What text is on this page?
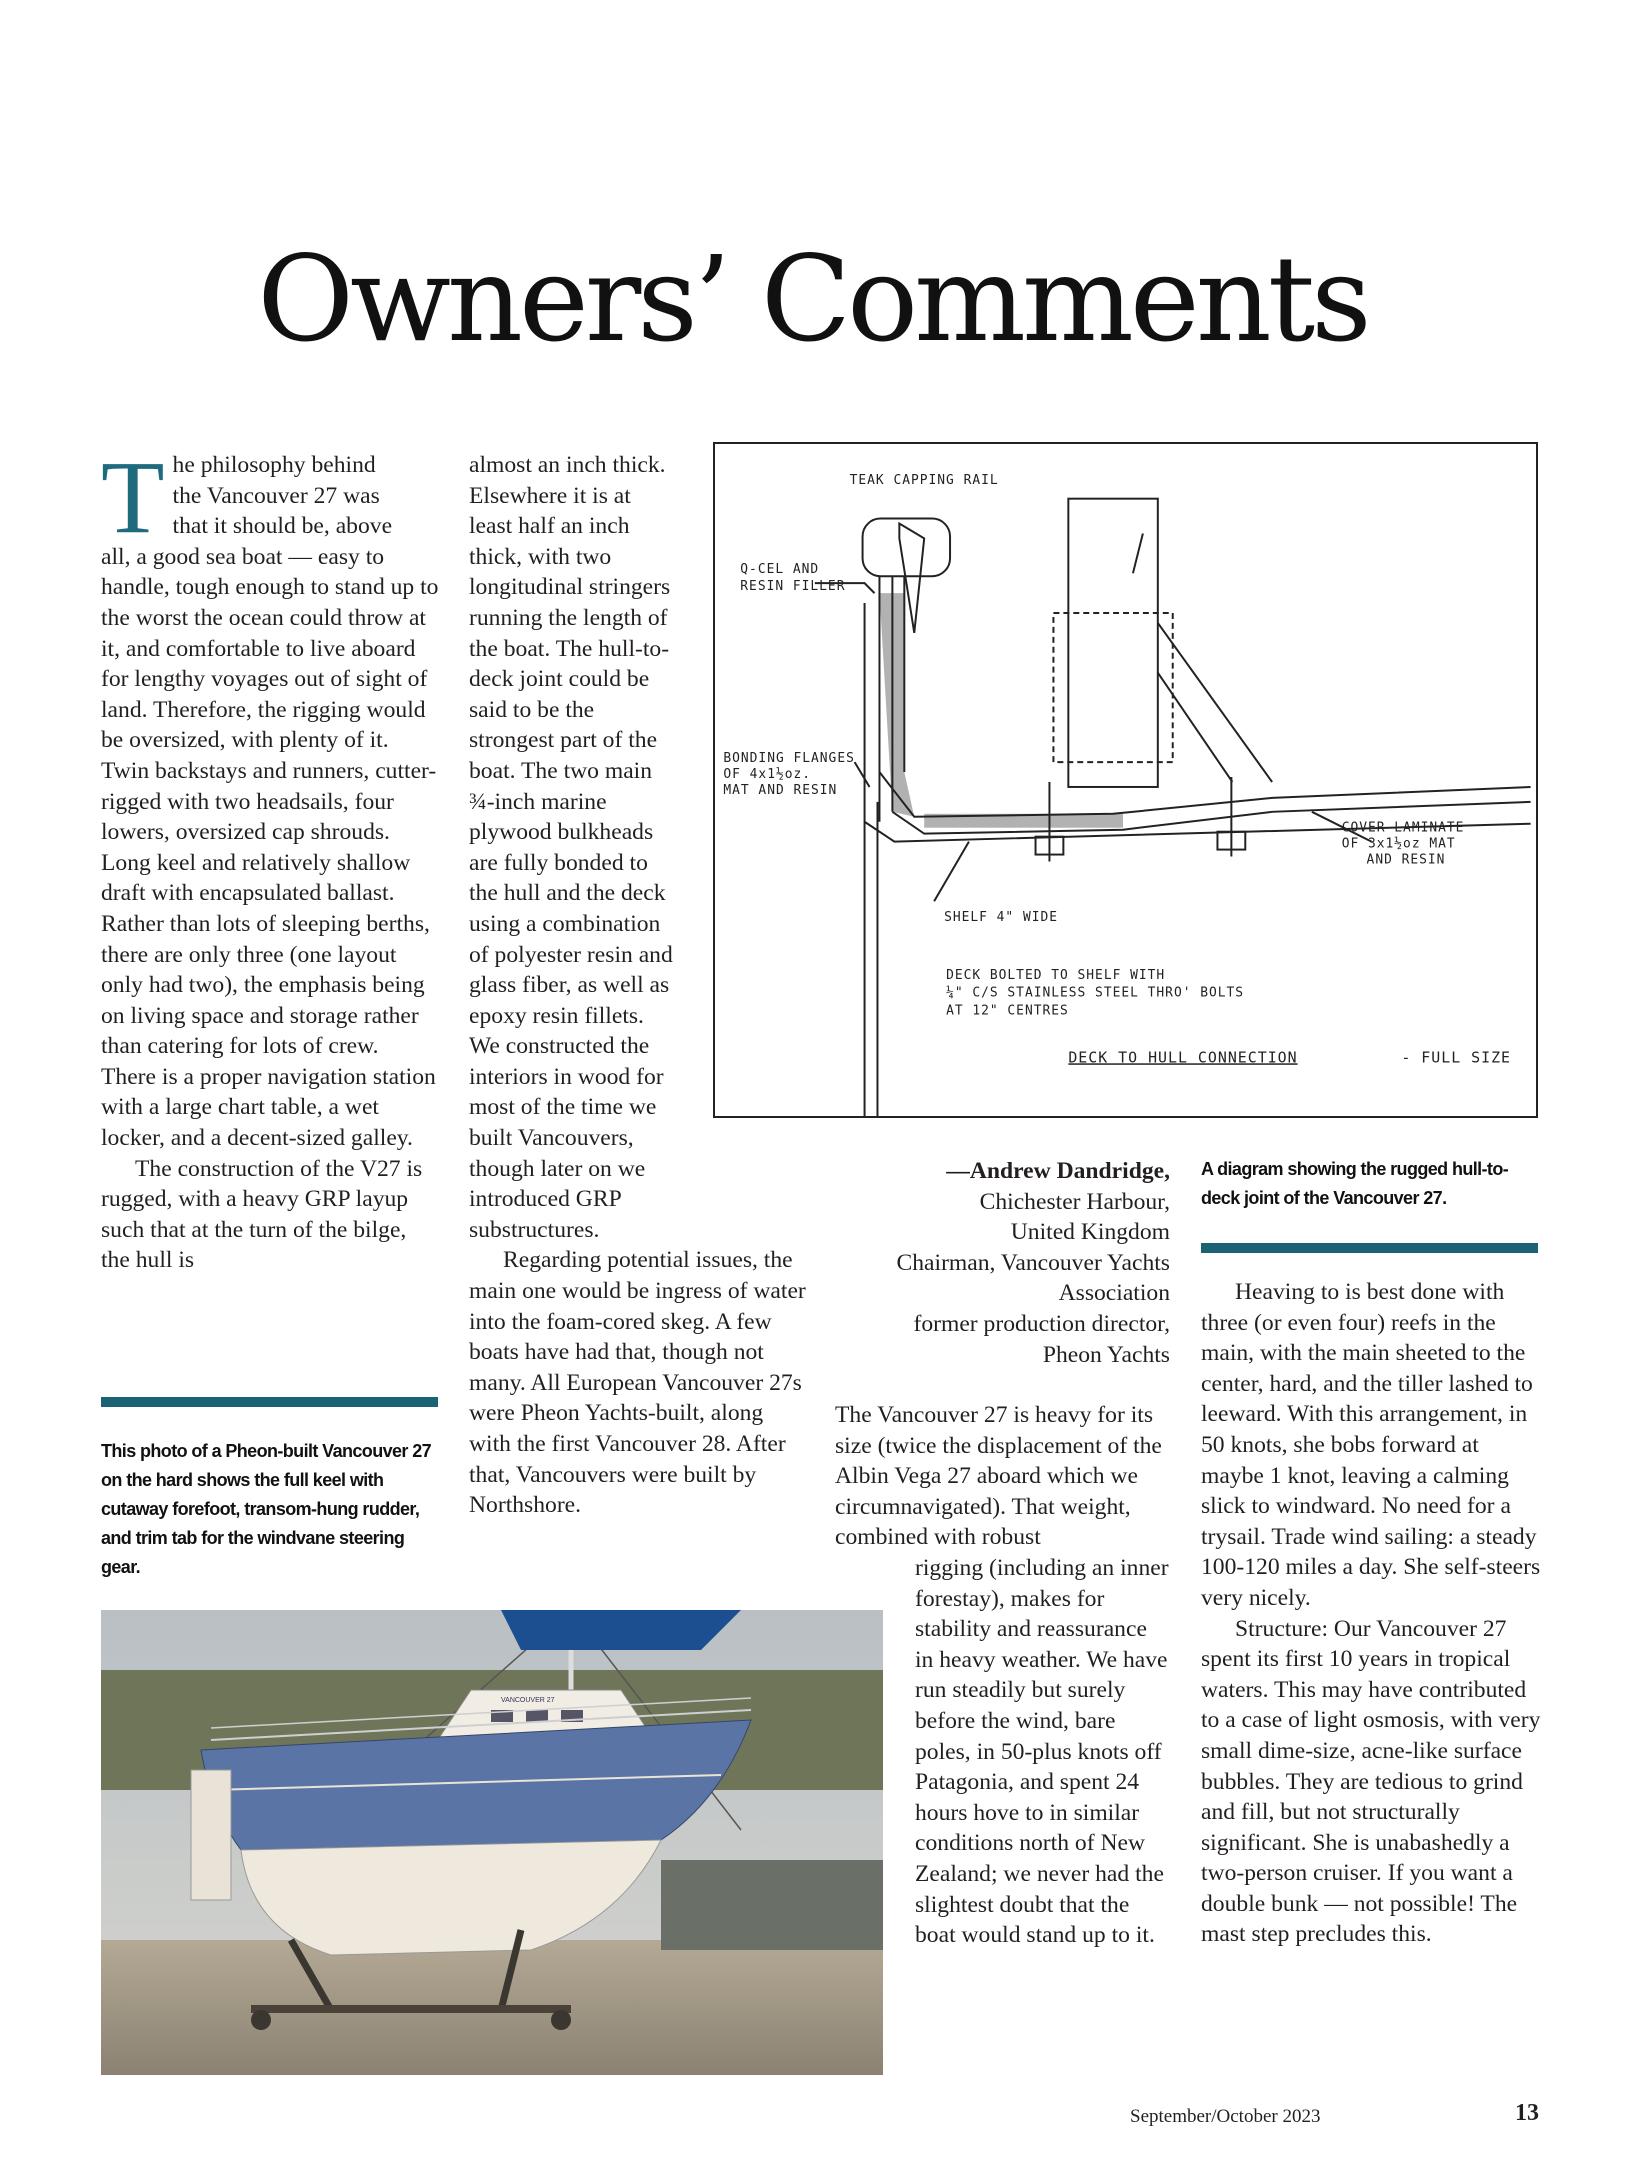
Owners’ Comments
T he philosophy behind
the Vancouver 27 was
that it should be, above

all, a good sea boat — easy to handle, tough enough to stand up to the worst the ocean could throw at it, and comfortable to live aboard for lengthy voyages out of sight of land. Therefore, the rigging would be oversized, with plenty of it. Twin backstays and runners, cutter-rigged with two headsails, four lowers, oversized cap shrouds. Long keel and relatively shallow draft with encapsulated ballast. Rather than lots of sleeping berths, there are only three (one layout only had two), the emphasis being on living space and storage rather than catering for lots of crew. There is a proper navigation station with a large chart table, a wet locker, and a decent-sized galley.

The construction of the V27 is rugged, with a heavy GRP layup such that at the turn of the bilge, the hull is

This photo of a Pheon-built Vancouver 27 on the hard shows the full keel with cutaway forefoot, transom-hung rudder, and trim tab for the windvane steering gear.

almost an inch thick. Elsewhere it is at least half an inch thick, with two longitudinal stringers running the length of the boat. The hull-to-deck joint could be said to be the strongest part of the boat. The two main ¾-inch marine plywood bulkheads are fully bonded to the hull and the deck using a combination of polyester resin and glass fiber, as well as epoxy resin fillets. We constructed the interiors in wood for most of the time we built Vancouvers, though later on we introduced GRP substructures.

Regarding potential issues, the main one would be ingress of water into the foam-cored skeg. A few boats have had that, though not many. All European Vancouver 27s were Pheon Yachts-built, along with the first Vancouver 28. After that, Vancouvers were built by Northshore.

TEAK CAPPING RAIL
Q-CEL AND
RESIN FILLER
BONDING FLANGES
OF 4x1½oz.
MAT AND RESIN
COVER LAMINATE
OF 3x1½oz MAT
AND RESIN
SHELF 4" WIDE
DECK BOLTED TO SHELF WITH
¼" C/S STAINLESS STEEL THRO' BOLTS
AT 12" CENTRES
DECK TO HULL CONNECTION	- FULL SIZE
A diagram showing the rugged hull-to-deck joint of the Vancouver 27.
—Andrew Dandridge,
Chichester Harbour,
United Kingdom
Chairman, Vancouver Yachts
Association
former production director,
Pheon Yachts

The Vancouver 27 is heavy for its size (twice the displacement of the Albin Vega 27 aboard which we circumnavigated). That weight, combined with robust

rigging (including an inner forestay), makes for stability and reassurance in heavy weather. We have run steadily but surely before the wind, bare poles, in 50-plus knots off Patagonia, and spent 24 hours hove to in similar conditions north of New Zealand; we never had the slightest doubt that the boat would stand up to it.

Heaving to is best done with three (or even four) reefs in the main, with the main sheeted to the center, hard, and the tiller lashed to leeward. With this arrangement, in 50 knots, she bobs forward at maybe 1 knot, leaving a calming slick to windward. No need for a trysail. Trade wind sailing: a steady 100-120 miles a day. She self-steers very nicely.

Structure: Our Vancouver 27 spent its first 10 years in tropical waters. This may have contributed to a case of light osmosis, with very small dime-size, acne-like surface bubbles. They are tedious to grind and fill, but not structurally significant. She is unabashedly a two-person cruiser. If you want a double bunk — not possible! The mast step precludes this.

VANCOUVER 27
September/October 2023	13
